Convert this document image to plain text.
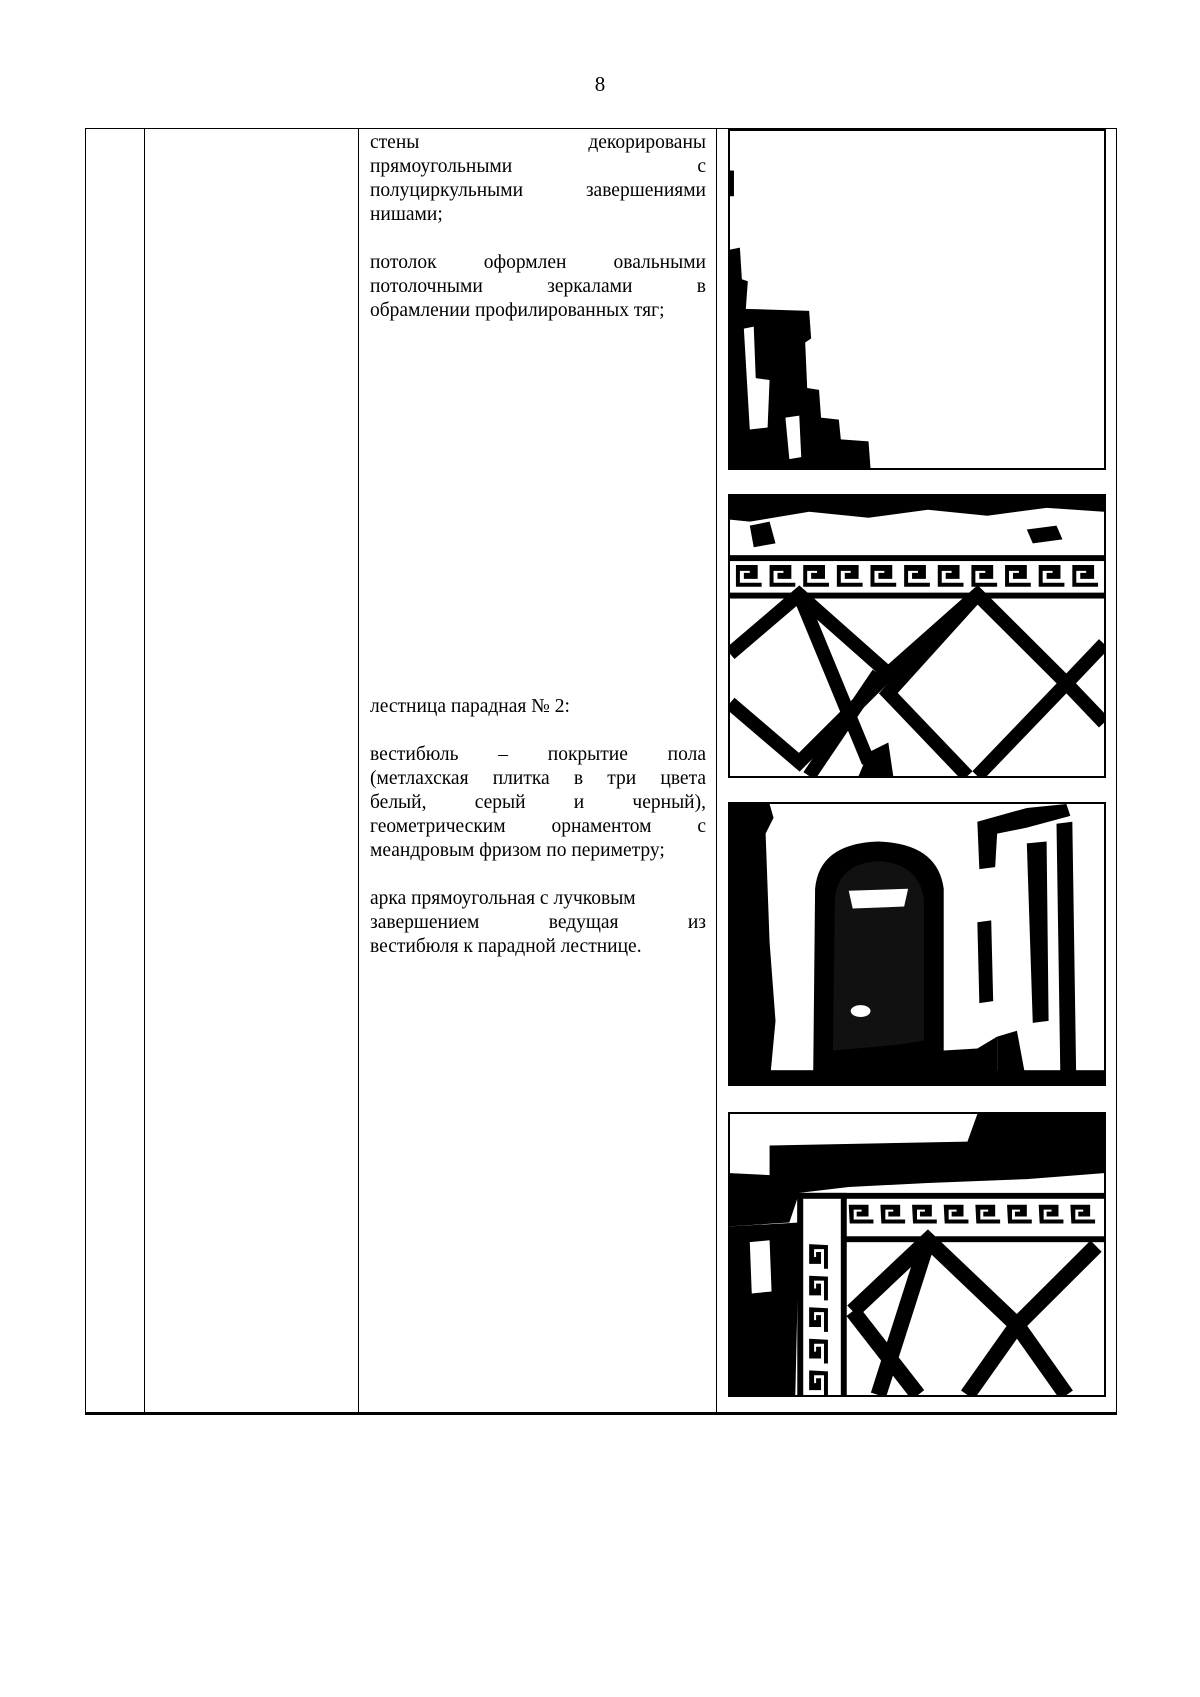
8

стены декорированы
прямоугольными с
полуциркульными завершениями
нишами;

потолок оформлен овальными
потолочными зеркалами в
обрамлении профилированных тяг;

лестница парадная № 2:

вестибюль – покрытие пола
(метлахская плитка в три цвета
белый, серый и черный),
геометрическим орнаментом с
меандровым фризом по периметру;

арка прямоугольная с лучковым
завершением ведущая из
вестибюля к парадной лестнице.
